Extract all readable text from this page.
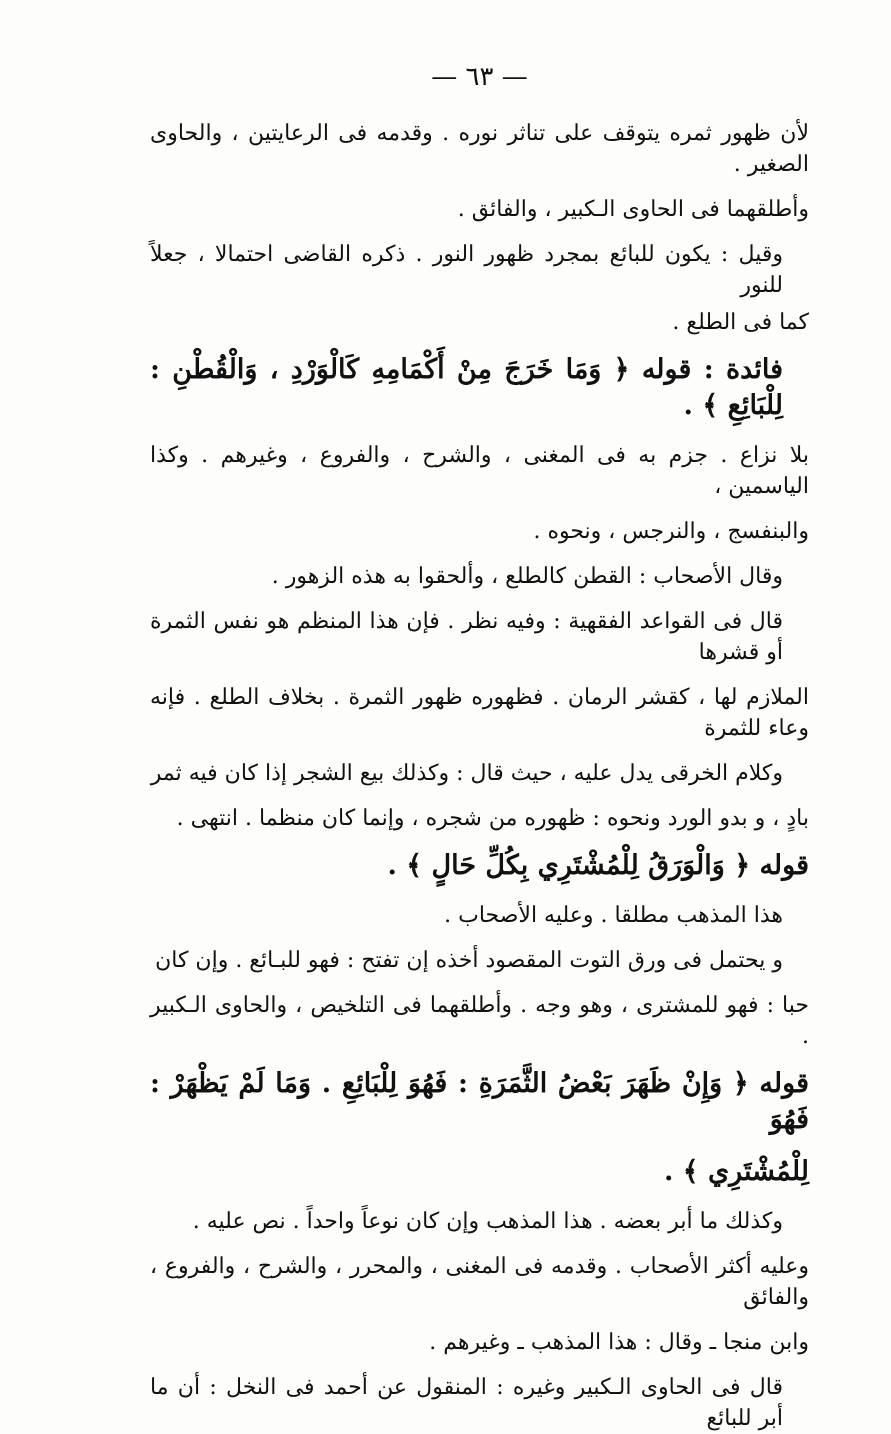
— ٦٣ —

لأن ظهور ثمره يتوقف على تناثر نوره . وقدمه فى الرعايتين ، والحاوى الصغير .

وأطلقهما فى الحاوى الـكبير ، والفائق .

وقيل : يكون للبائع بمجرد ظهور النور . ذكره القاضى احتمالا ، جعلاً للنور

كما فى الطلع .

فائدة : قوله ﴿ وَمَا خَرَجَ مِنْ أَكْمَامِهِ كَالْوَرْدِ ، وَالْقُطْنِ : لِلْبَائِعِ ﴾ .

بلا نزاع . جزم به فى المغنى ، والشرح ، والفروع ، وغيرهم . وكذا الياسمين ،

والبنفسج ، والنرجس ، ونحوه .

وقال الأصحاب : القطن كالطلع ، وألحقوا به هذه الزهور .

قال فى القواعد الفقهية : وفيه نظر . فإن هذا المنظم هو نفس الثمرة أو قشرها

الملازم لها ، كقشر الرمان . فظهوره ظهور الثمرة . بخلاف الطلع . فإنه وعاء للثمرة

وكلام الخرقى يدل عليه ، حيث قال : وكذلك بيع الشجر إذا كان فيه ثمر

بادٍ ، و بدو الورد ونحوه : ظهوره من شجره ، وإنما كان منظما . انتهى .

قوله ﴿ وَالْوَرَقُ لِلْمُشْتَرِي بِكُلِّ حَالٍ ﴾ .

هذا المذهب مطلقا . وعليه الأصحاب .

و يحتمل فى ورق التوت المقصود أخذه إن تفتح : فهو للبـائع . وإن كان

حبا : فهو للمشترى ، وهو وجه . وأطلقهما فى التلخيص ، والحاوى الـكبير .

قوله ﴿ وَإِنْ ظَهَرَ بَعْضُ الثَّمَرَةِ : فَهُوَ لِلْبَائِعِ . وَمَا لَمْ يَظْهَرْ : فَهُوَ

لِلْمُشْتَرِي ﴾ .

وكذلك ما أبر بعضه . هذا المذهب وإن كان نوعاً واحداً . نص عليه .

وعليه أكثر الأصحاب . وقدمه فى المغنى ، والمحرر ، والشرح ، والفروع ، والفائق

وابن منجا ـ وقال : هذا المذهب ـ وغيرهم .

قال فى الحاوى الـكبير وغيره : المنقول عن أحمد فى النخل : أن ما أبر للبائع
